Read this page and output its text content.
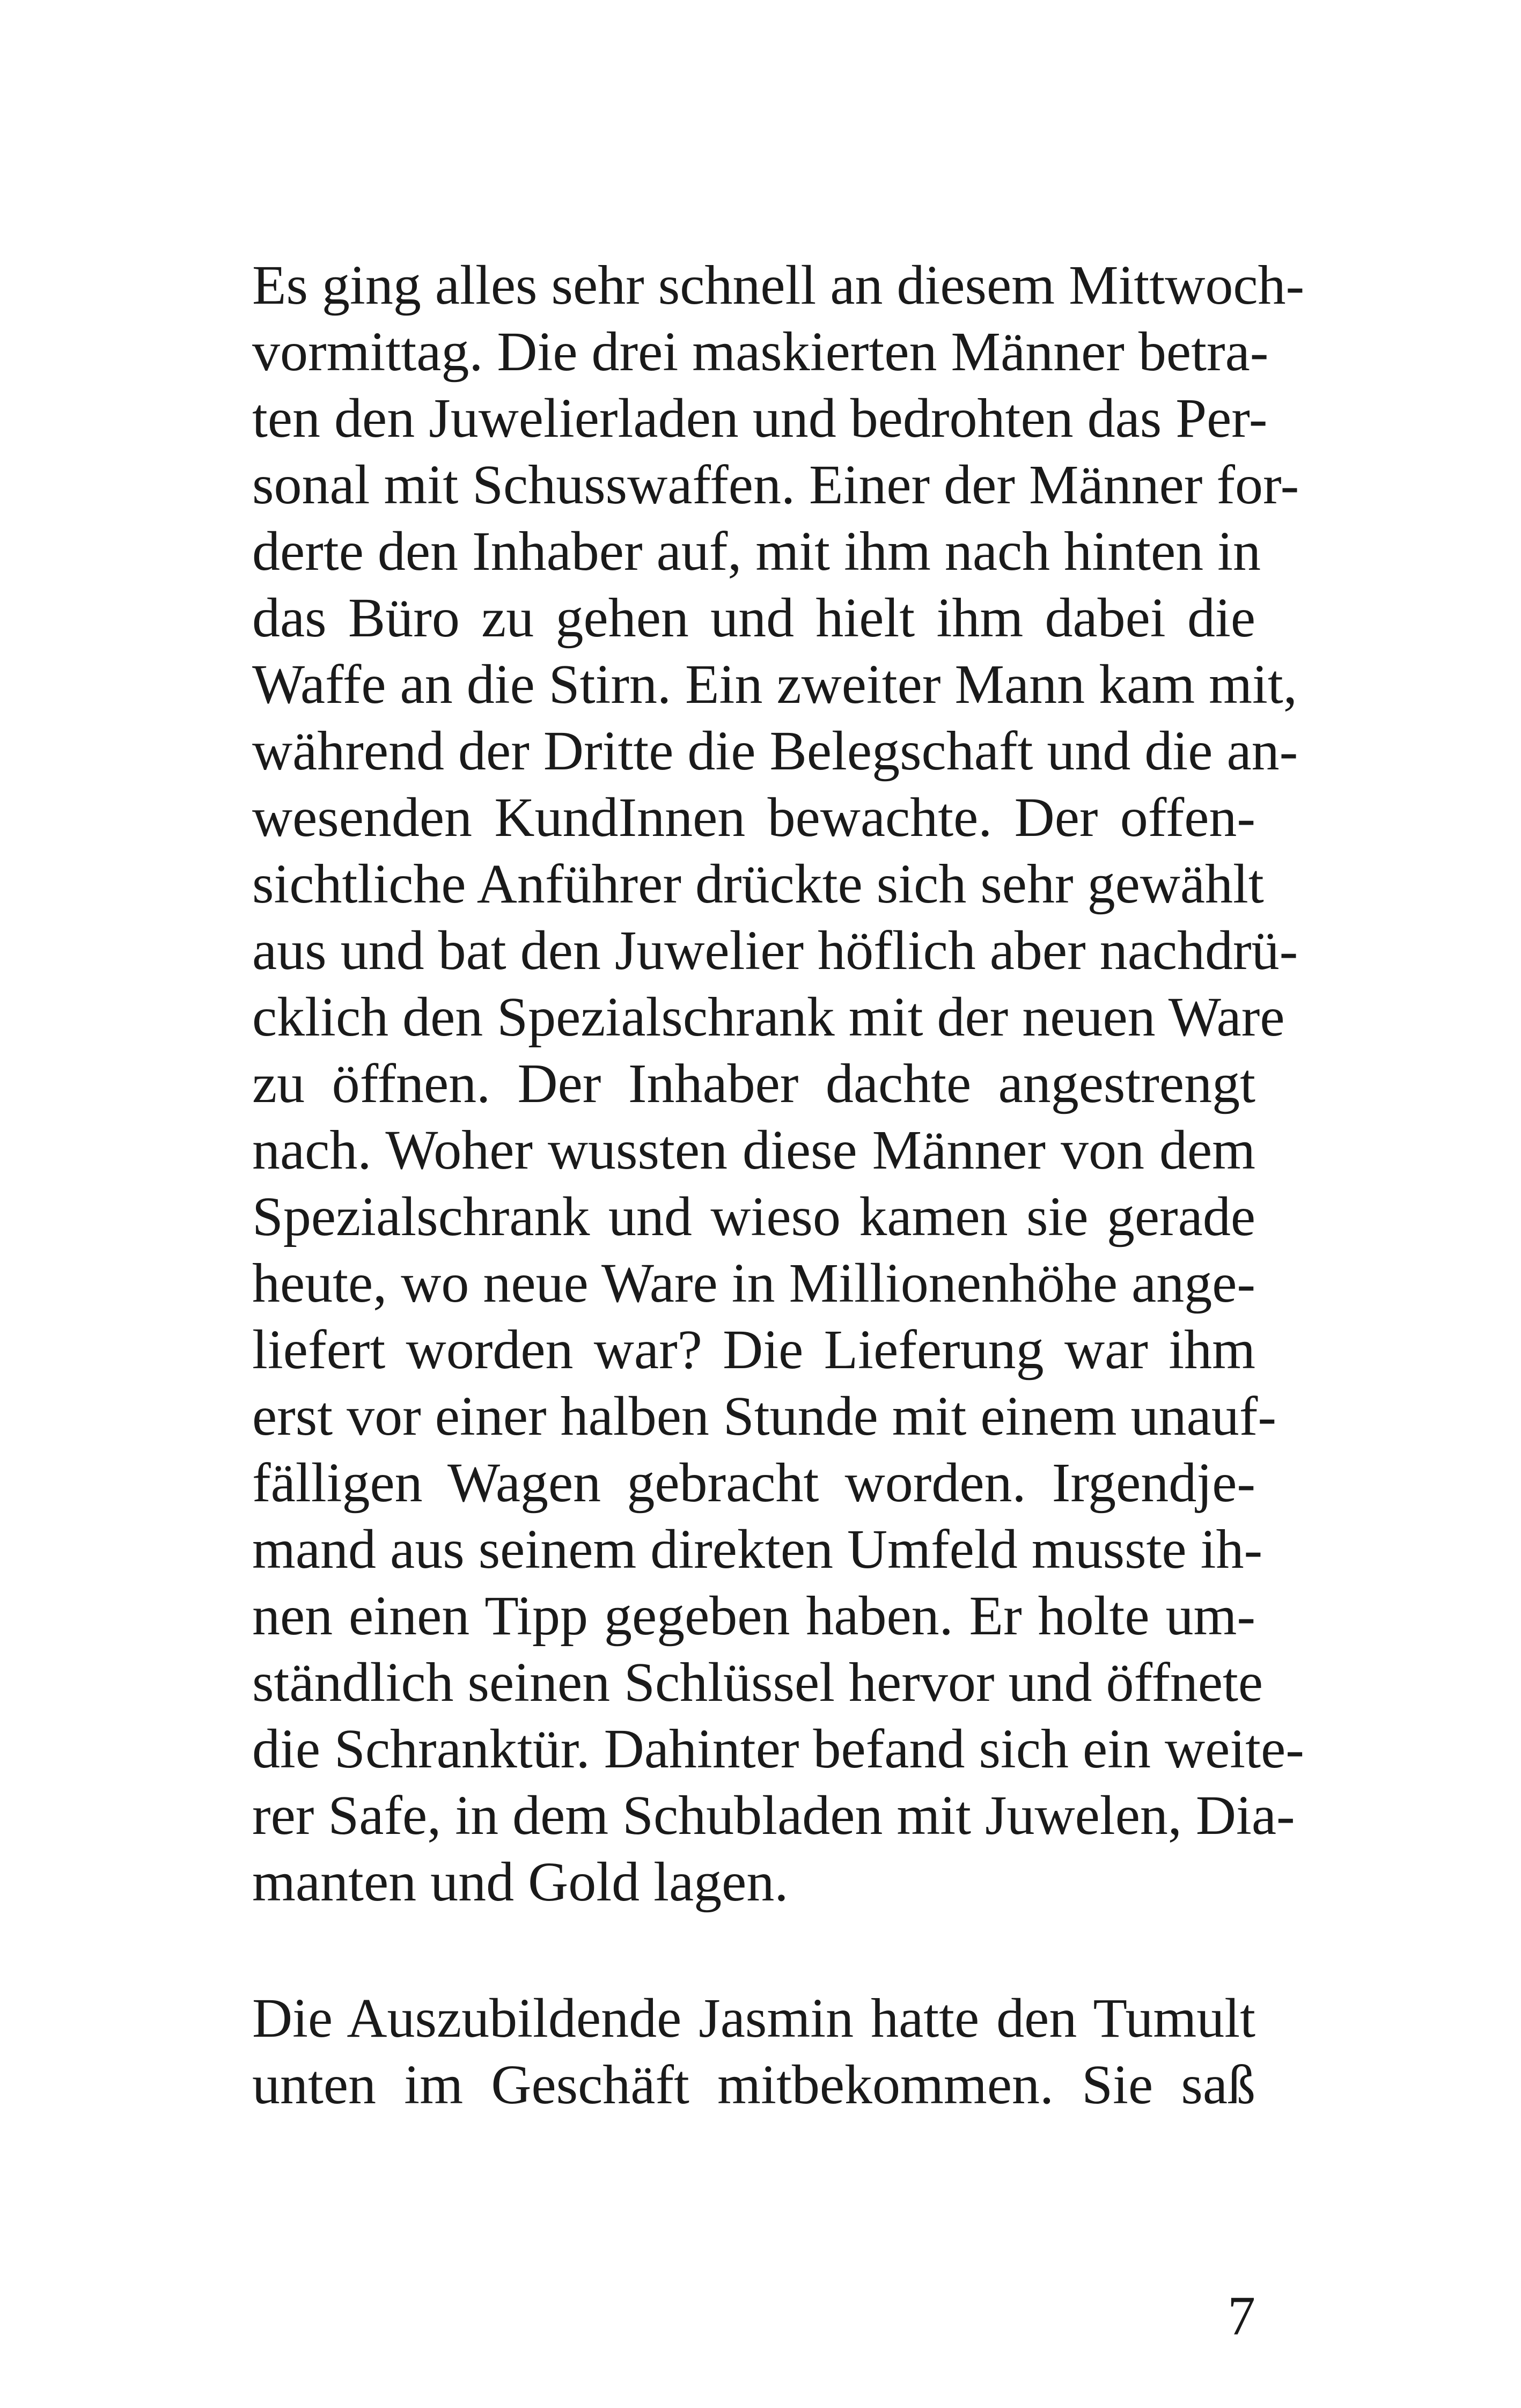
Es ging alles sehr schnell an diesem Mittwoch-
vormittag. Die drei maskierten Männer betra-
ten den Juwelierladen und bedrohten das Per-
sonal mit Schusswaffen. Einer der Männer for-
derte den Inhaber auf, mit ihm nach hinten in
das Büro zu gehen und hielt ihm dabei die
Waffe an die Stirn. Ein zweiter Mann kam mit,
während der Dritte die Belegschaft und die an-
wesenden KundInnen bewachte. Der offen-
sichtliche Anführer drückte sich sehr gewählt
aus und bat den Juwelier höflich aber nachdrü-
cklich den Spezialschrank mit der neuen Ware
zu öffnen. Der Inhaber dachte angestrengt
nach. Woher wussten diese Männer von dem
Spezialschrank und wieso kamen sie gerade
heute, wo neue Ware in Millionenhöhe ange-
liefert worden war? Die Lieferung war ihm
erst vor einer halben Stunde mit einem unauf-
fälligen Wagen gebracht worden. Irgendje-
mand aus seinem direkten Umfeld musste ih-
nen einen Tipp gegeben haben. Er holte um-
ständlich seinen Schlüssel hervor und öffnete
die Schranktür. Dahinter befand sich ein weite-
rer Safe, in dem Schubladen mit Juwelen, Dia-
manten und Gold lagen.
Die Auszubildende Jasmin hatte den Tumult
unten im Geschäft mitbekommen. Sie saß
7
